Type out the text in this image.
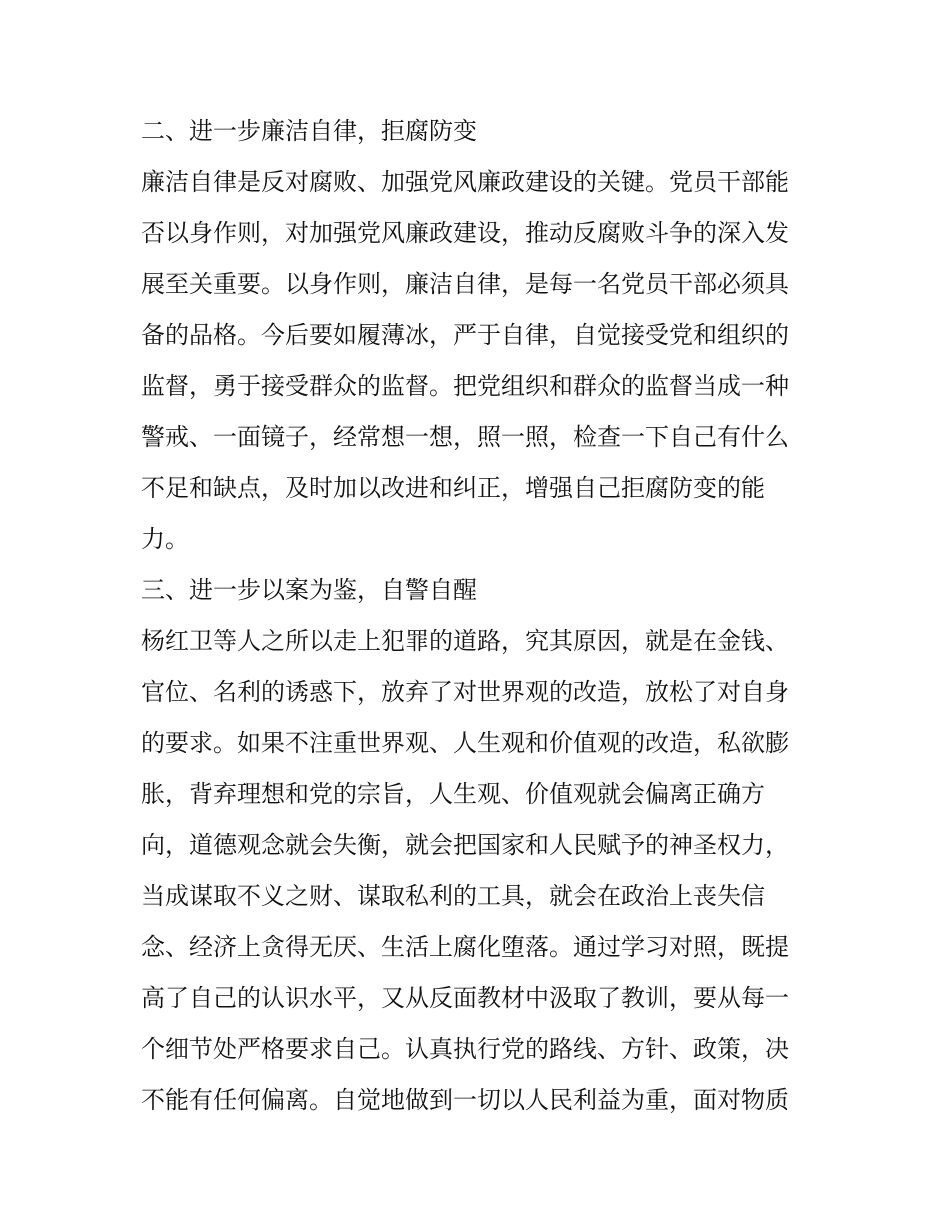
二、进一步廉洁自律，拒腐防变
廉洁自律是反对腐败、加强党风廉政建设的关键。党员干部能
否以身作则，对加强党风廉政建设，推动反腐败斗争的深入发
展至关重要。以身作则，廉洁自律，是每一名党员干部必须具
备的品格。今后要如履薄冰，严于自律，自觉接受党和组织的
监督，勇于接受群众的监督。把党组织和群众的监督当成一种
警戒、一面镜子，经常想一想，照一照，检查一下自己有什么
不足和缺点，及时加以改进和纠正，增强自己拒腐防变的能
力。
三、进一步以案为鉴，自警自醒
杨红卫等人之所以走上犯罪的道路，究其原因，就是在金钱、
官位、名利的诱惑下，放弃了对世界观的改造，放松了对自身
的要求。如果不注重世界观、人生观和价值观的改造，私欲膨
胀，背弃理想和党的宗旨，人生观、价值观就会偏离正确方
向，道德观念就会失衡，就会把国家和人民赋予的神圣权力，
当成谋取不义之财、谋取私利的工具，就会在政治上丧失信
念、经济上贪得无厌、生活上腐化堕落。通过学习对照，既提
高了自己的认识水平，又从反面教材中汲取了教训，要从每一
个细节处严格要求自己。认真执行党的路线、方针、政策，决
不能有任何偏离。自觉地做到一切以人民利益为重，面对物质
